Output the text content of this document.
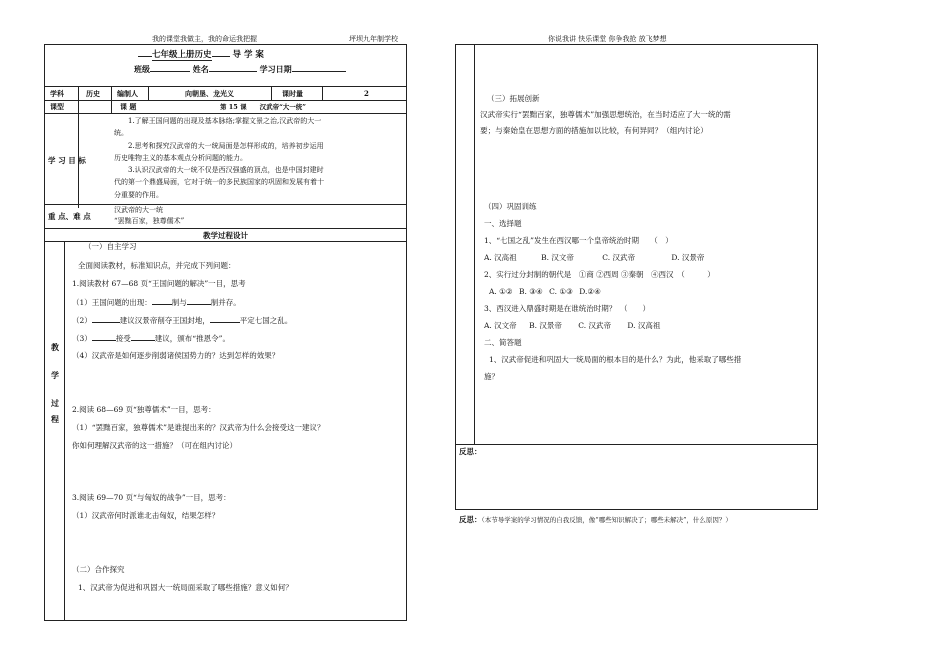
我的课堂我做主，我的命运我把握	坪坝九年制学校	你说我讲 快乐课堂 你争我抢 放飞梦想
七年级上册历史 导 学 案
班级	姓名	学习日期
学科	历史 编制人	向朝垦、龙光义	课时量	2
课型	课 题	第 15 课　　汉武帝“大一统”
学 习 目 标
1.了解王国问题的出现及基本脉络;掌握文景之治,汉武帝的大一
统。
2.思考和探究汉武帝的大一统局面是怎样形成的，培养初步运用
历史唯物主义的基本观点分析问题的能力。
3.认识汉武帝的大一统不仅是西汉强盛的顶点，也是中国封建时
代的第一个鼎盛局面，它对于统一的多民族国家的巩固和发展有着十
分重要的作用。
重 点、难 点
汉武帝的大一统
“罢黜百家，独尊儒术”
教学过程设计
教
学
过
程
（一）自主学习
全面阅读教材，标准知识点，并完成下列问题：
1.阅读教材 67—68 页“王国问题的解决”一目，思考
（1）王国问题的出现：	制与	制并存。
（2）	建议汉景帝削夺王国封地，	平定七国之乱。
（3）	接受	建议，颁布“推恩令”。
（4）汉武帝是如何逐步削弱诸侯国势力的？达到怎样的效果？
2.阅读 68—69 页“独尊儒术”一目，思考：
（1）“罢黜百家，独尊儒术”是谁提出来的？汉武帝为什么会接受这一建议？
你如何理解汉武帝的这一措施？（可在组内讨论）
3.阅读 69—70 页“与匈奴的战争”一目，思考：
（1）汉武帝何时派谁北击匈奴，结果怎样？
（二）合作探究
1、汉武帝为促进和巩固大一统局面采取了哪些措施？意义如何？
（三）拓展创新
汉武帝实行“罢黜百家，独尊儒术”加强思想统治，在当时适应了大一统的需
要；与秦始皇在思想方面的措施加以比较，有何异同？（组内讨论）
（四）巩固训练
一、选择题
1、“七国之乱”发生在西汉哪一个皇帝统治时期　　（　）
A. 汉高祖	B. 汉文帝	C. 汉武帝	D. 汉景帝
2、实行过分封制的朝代是　①商 ②西周 ③秦朝　④西汉　（　　　）
A. ①② B. ③④ C. ①③ D.②④
3、西汉进入鼎盛时期是在谁统治时期？　（　　）
A. 汉文帝 B. 汉景帝 C. 汉武帝 D. 汉高祖
二、简答题
1、汉武帝促进和巩固大一统局面的根本目的是什么？为此，他采取了哪些措
施？
反思：
反思：（本节导学案的学习情况的自我反馈，像“哪些知识解决了；哪些未解决”，什么原因？）
